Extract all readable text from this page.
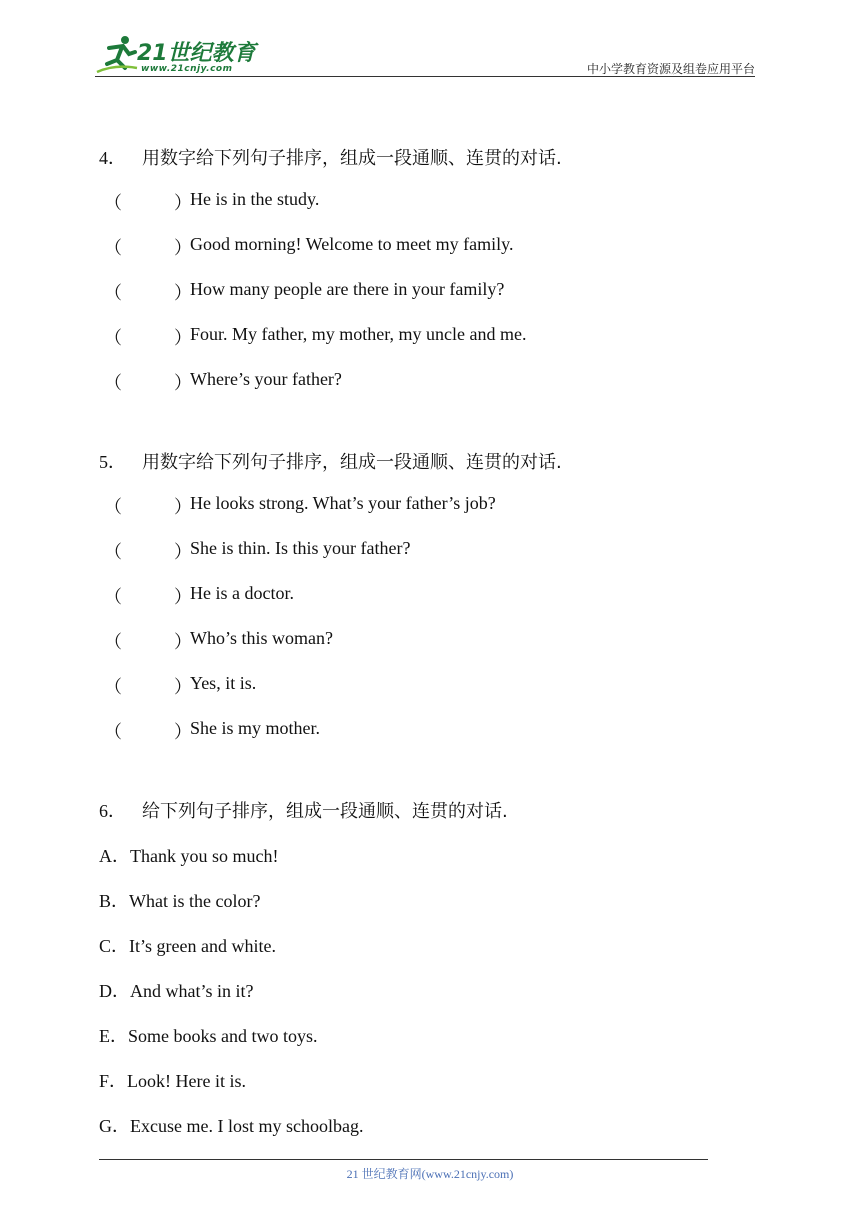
21世纪教育
www.21cnjy.com	中小学教育资源及组卷应用平台
4． 用数字给下列句子排序，组成一段通顺、连贯的对话.
（	）
He is in the study.
（	）
Good morning! Welcome to meet my family.
（	）
How many people are there in your family?
（	）
Four. My father, my mother, my uncle and me.
（	）
Where’s your father?
5． 用数字给下列句子排序，组成一段通顺、连贯的对话.
（	）
He looks strong. What’s your father’s job?
（	）
She is thin. Is this your father?
（	）
He is a doctor.
（	）
Who’s this woman?
（	）
Yes, it is.
（	）
She is my mother.
6． 给下列句子排序，组成一段通顺、连贯的对话.
A．Thank you so much!
B．What is the color?
C．It’s green and white.
D．And what’s in it?
E．Some books and two toys.
F．Look! Here it is.
G．Excuse me. I lost my schoolbag.
21 世纪教育网(www.21cnjy.com)
